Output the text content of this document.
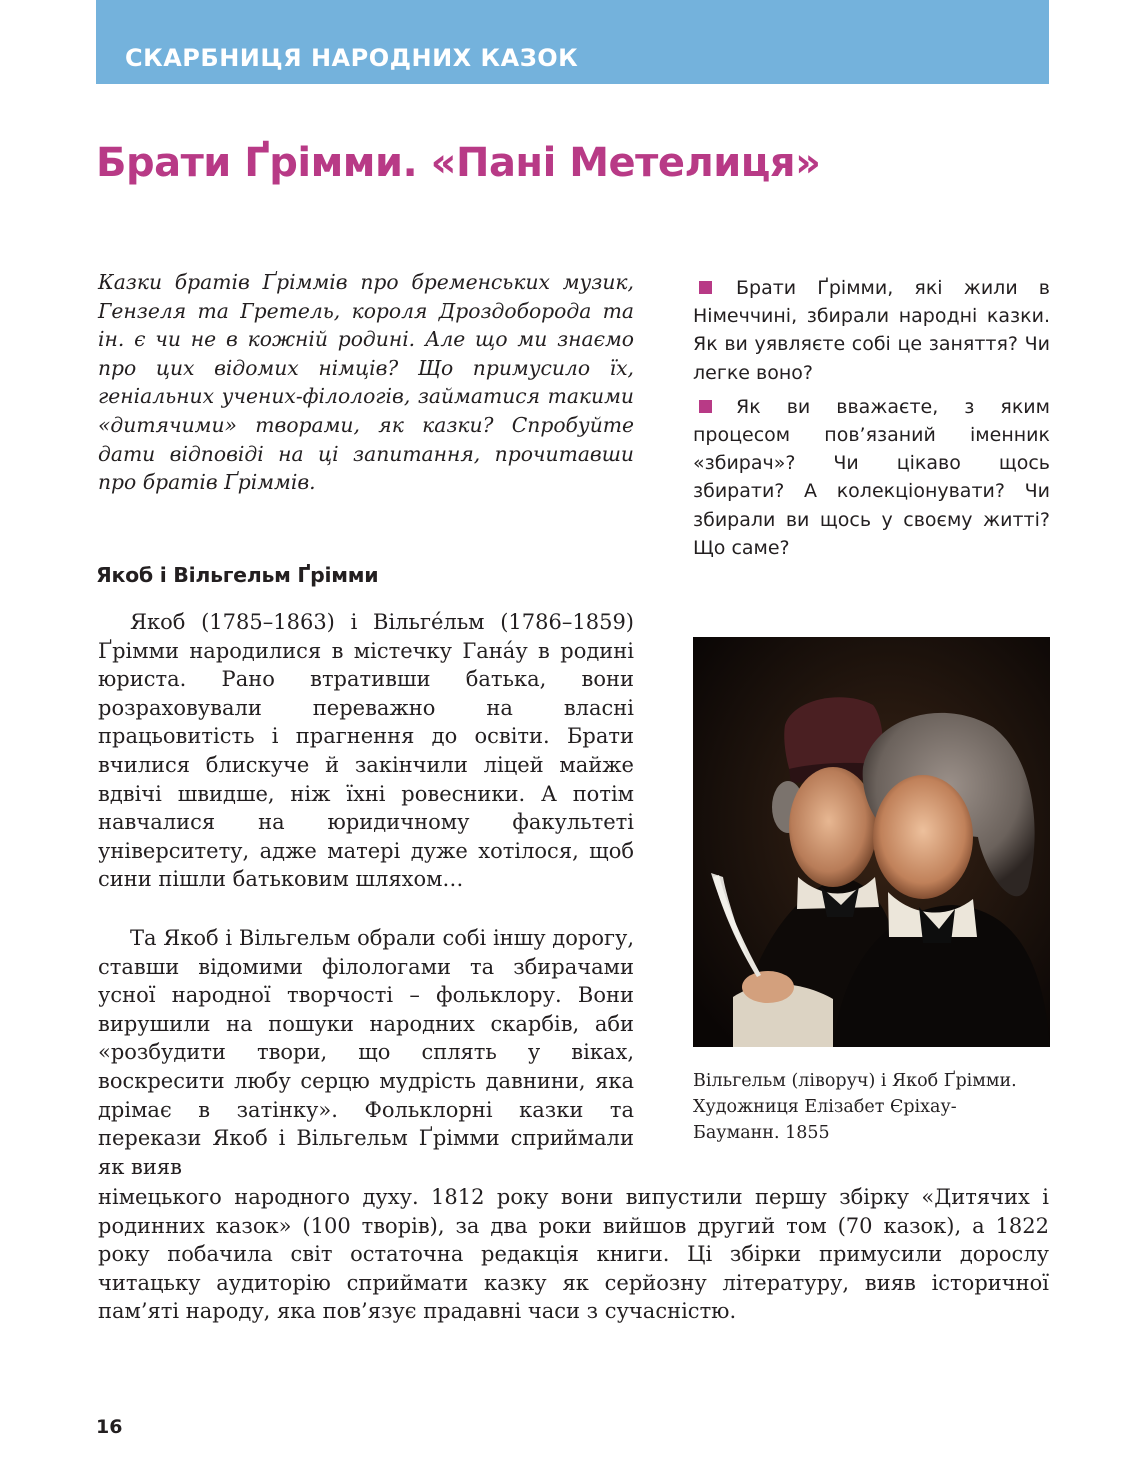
СКАРБНИЦЯ НАРОДНИХ КАЗОК
Брати Ґрімми. «Пані Метелиця»

Казки братів Ґріммів про бременських музик, Гензеля та Гретель, короля Дроздоборода та ін. є чи не в кожній родині. Але що ми знаємо про цих відомих німців? Що примусило їх, геніальних учених-філологів, займатися такими «дитячими» творами, як казки? Спробуйте дати відповіді на ці запитання, прочитавши про братів Ґріммів.

Брати Ґрімми, які жили в Німеччині, збирали народні казки. Як ви уявляєте собі це заняття? Чи легке воно?

Як ви вважаєте, з яким процесом пов’язаний іменник «збирач»? Чи цікаво щось збирати? А колекціонувати? Чи збирали ви щось у своєму житті? Що саме?

Якоб і Вільгельм Ґрімми

Якоб (1785–1863) і Вільге́льм (1786–1859) Ґрімми народилися в містечку Гана́у в родині юриста. Рано втративши батька, вони розраховували переважно на власні працьовитість і прагнення до освіти. Брати вчилися блискуче й закінчили ліцей майже вдвічі швидше, ніж їхні ровесники. А потім навчалися на юридичному факультеті університету, адже матері дуже хотілося, щоб сини пішли батьковим шляхом…

Та Якоб і Вільгельм обрали собі іншу дорогу, ставши відомими філологами та збирачами усної народної творчості – фольклору. Вони вирушили на пошуки народних скарбів, аби «розбудити твори, що сплять у віках, воскресити любу серцю мудрість давнини, яка дрімає в затінку». Фольклорні казки та перекази Якоб і Вільгельм Ґрімми сприймали як вияв

німецького народного духу. 1812 року вони випустили першу збірку «Дитячих і родинних казок» (100 творів), за два роки вийшов другий том (70 казок), а 1822 року побачила світ остаточна редакція книги. Ці збірки примусили дорослу читацьку аудиторію сприймати казку як серйозну літературу, вияв історичної пам’яті народу, яка пов’язує прадавні часи з сучасністю.

Вільгельм (ліворуч) і Якоб Ґрімми. Художниця Елізабет Єріхау-Бауманн. 1855

16
